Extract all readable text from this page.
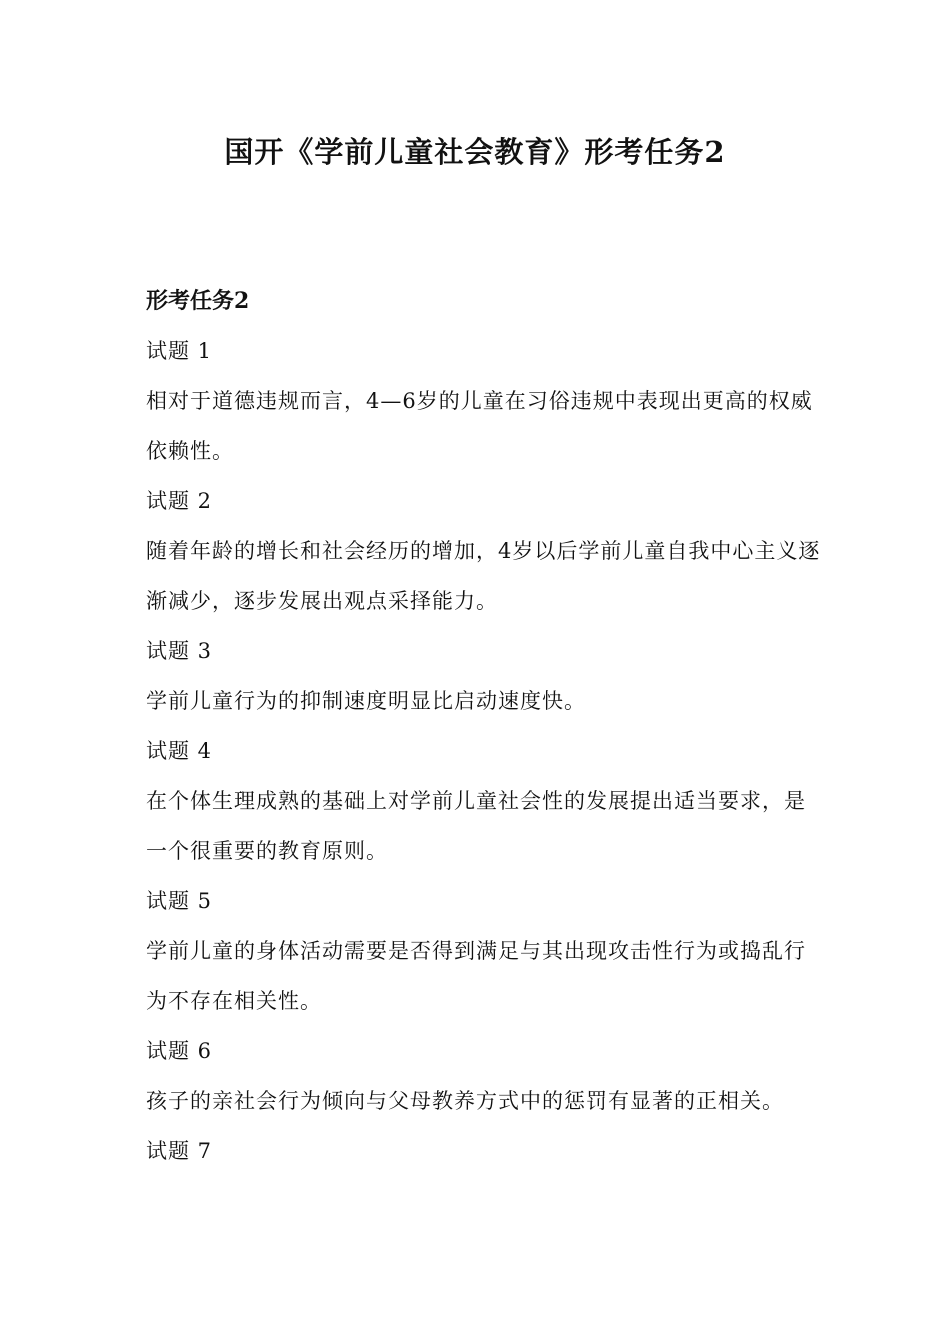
国开《学前儿童社会教育》形考任务2
形考任务2
试题 1

相对于道德违规而言，4—6岁的儿童在习俗违规中表现出更高的权威依赖性。

试题 2

随着年龄的增长和社会经历的增加，4岁以后学前儿童自我中心主义逐渐减少，逐步发展出观点采择能力。

试题 3

学前儿童行为的抑制速度明显比启动速度快。

试题 4

在个体生理成熟的基础上对学前儿童社会性的发展提出适当要求，是一个很重要的教育原则。

试题 5

学前儿童的身体活动需要是否得到满足与其出现攻击性行为或捣乱行为不存在相关性。

试题 6

孩子的亲社会行为倾向与父母教养方式中的惩罚有显著的正相关。

试题 7
